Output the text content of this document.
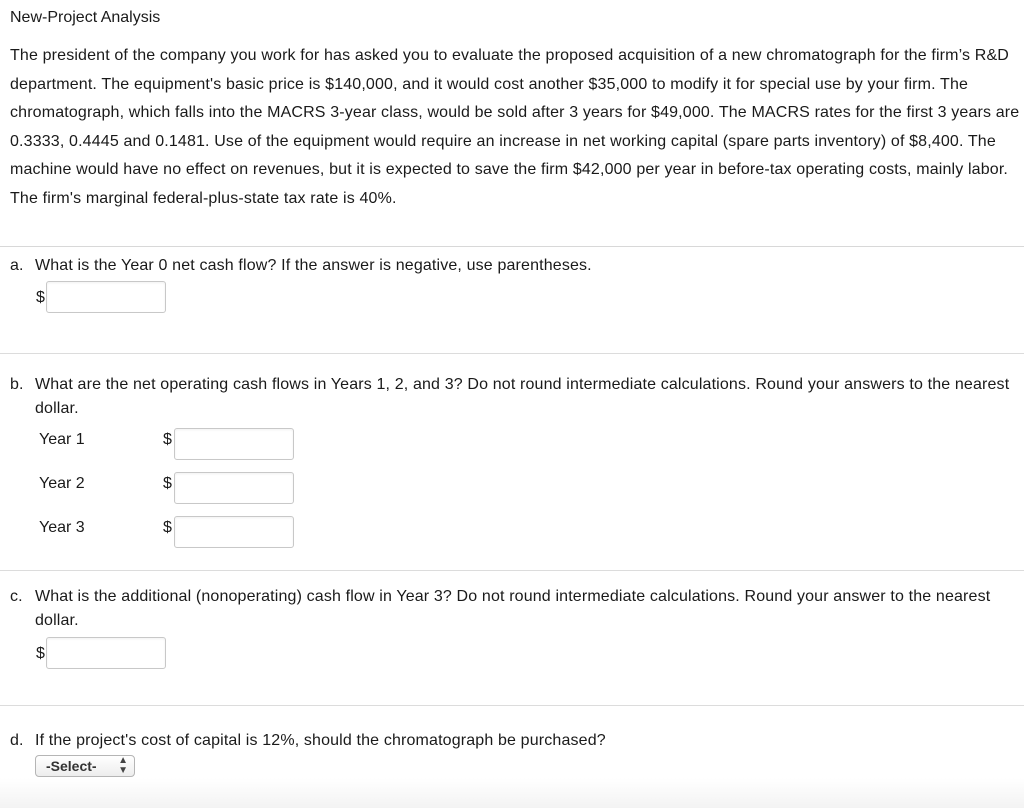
New-Project Analysis
The president of the company you work for has asked you to evaluate the proposed acquisition of a new chromatograph for the firm’s R&D department. The equipment's basic price is $140,000, and it would cost another $35,000 to modify it for special use by your firm. The chromatograph, which falls into the MACRS 3-year class, would be sold after 3 years for $49,000. The MACRS rates for the first 3 years are 0.3333, 0.4445 and 0.1481. Use of the equipment would require an increase in net working capital (spare parts inventory) of $8,400. The machine would have no effect on revenues, but it is expected to save the firm $42,000 per year in before-tax operating costs, mainly labor. The firm's marginal federal-plus-state tax rate is 40%.
a. What is the Year 0 net cash flow? If the answer is negative, use parentheses.
$
b. What are the net operating cash flows in Years 1, 2, and 3? Do not round intermediate calculations. Round your answers to the nearest dollar.
Year 1	$
Year 2	$
Year 3	$
c. What is the additional (nonoperating) cash flow in Year 3? Do not round intermediate calculations. Round your answer to the nearest dollar.
$
d. If the project's cost of capital is 12%, should the chromatograph be purchased?
-Select- ▲
▼
